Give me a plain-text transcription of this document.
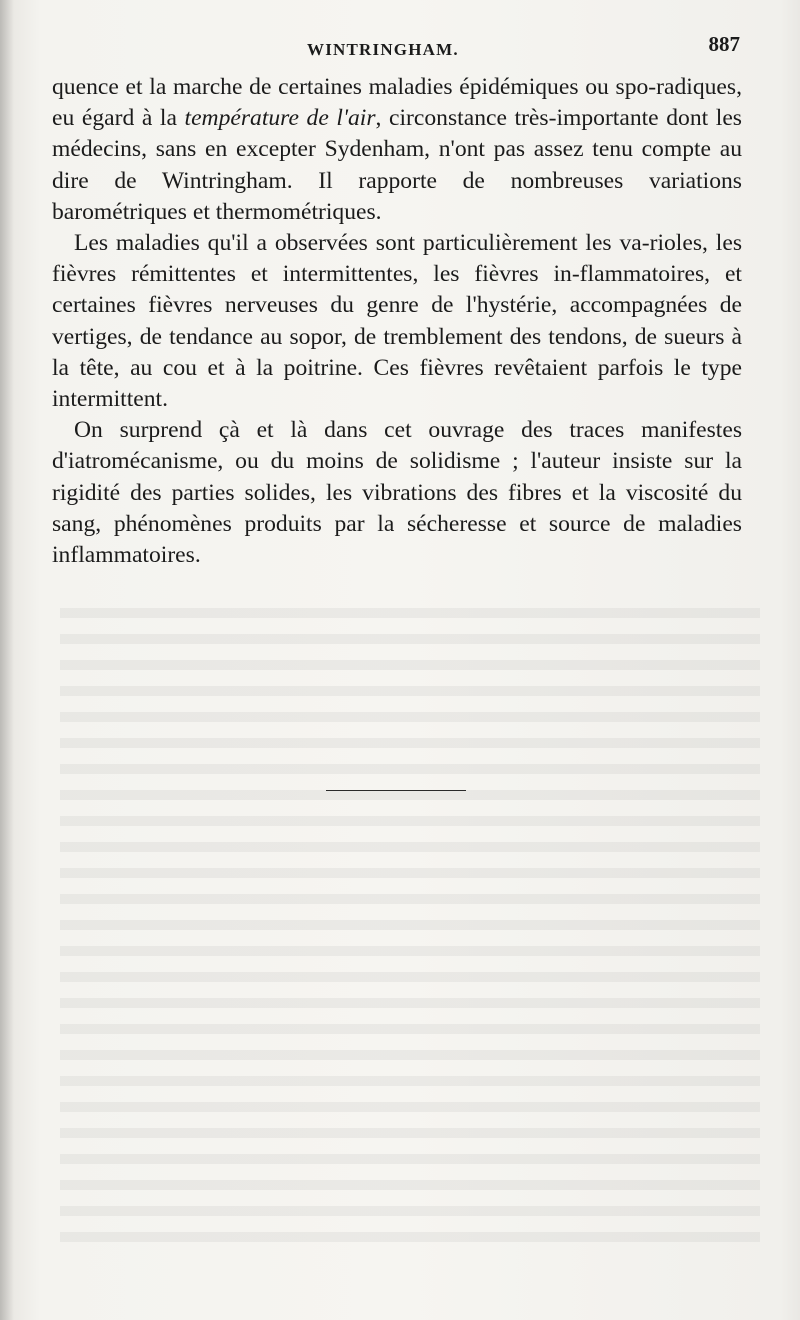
WINTRINGHAM.	887

quence et la marche de certaines maladies épidémiques ou spo-radiques, eu égard à la température de l'air, circonstance très-importante dont les médecins, sans en excepter Sydenham, n'ont pas assez tenu compte au dire de Wintringham. Il rapporte de nombreuses variations barométriques et thermométriques.

Les maladies qu'il a observées sont particulièrement les va-rioles, les fièvres rémittentes et intermittentes, les fièvres in-flammatoires, et certaines fièvres nerveuses du genre de l'hystérie, accompagnées de vertiges, de tendance au sopor, de tremblement des tendons, de sueurs à la tête, au cou et à la poitrine. Ces fièvres revêtaient parfois le type intermittent.

On surprend çà et là dans cet ouvrage des traces manifestes d'iatromécanisme, ou du moins de solidisme ; l'auteur insiste sur la rigidité des parties solides, les vibrations des fibres et la viscosité du sang, phénomènes produits par la sécheresse et source de maladies inflammatoires.
